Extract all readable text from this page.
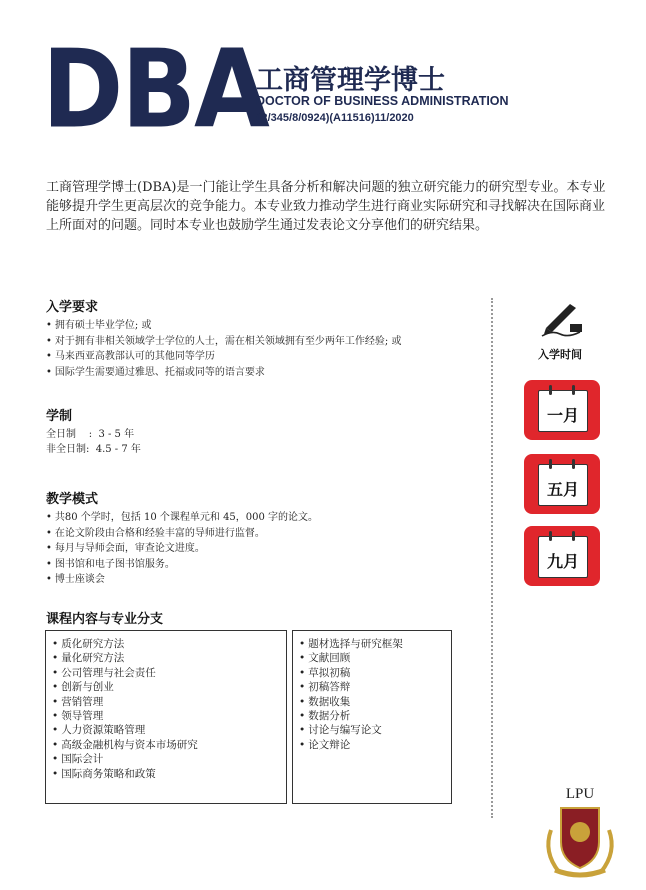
DBA
工商管理学博士
DOCTOR OF BUSINESS ADMINISTRATION
(R/345/8/0924)(A11516)11/2020
工商管理学博士(DBA)是一门能让学生具备分析和解决问题的独立研究能力的研究型专业。本专业能够提升学生更高层次的竞争能力。本专业致力推动学生进行商业实际研究和寻找解决在国际商业上所面对的问题。同时本专业也鼓励学生通过发表论文分享他们的研究结果。
入学要求
• 拥有硕士毕业学位; 或
• 对于拥有非相关领域学士学位的人士，需在相关领域拥有至少两年工作经验; 或
• 马来西亚高教部认可的其他同等学历
• 国际学生需要通过雅思、托福或同等的语言要求
学制
全日制    :  3 - 5 年
非全日制:  4.5 - 7 年
教学模式
• 共80 个学时，包括 10 个课程单元和 45，000 字的论文。
• 在论文阶段由合格和经验丰富的导师进行监督。
• 每月与导师会面，审查论文进度。
• 图书馆和电子图书馆服务。
• 博士座谈会
课程内容与专业分支
• 质化研究方法
• 量化研究方法
• 公司管理与社会责任
• 创新与创业
• 营销管理
• 领导管理
• 人力资源策略管理
• 高级金融机构与资本市场研究
• 国际会计
• 国际商务策略和政策
• 题材选择与研究框架
• 文献回顾
• 草拟初稿
• 初稿答辩
• 数据收集
• 数据分析
• 讨论与编写论文
• 论文辩论
入学时间
一月
五月
九月
LPU
